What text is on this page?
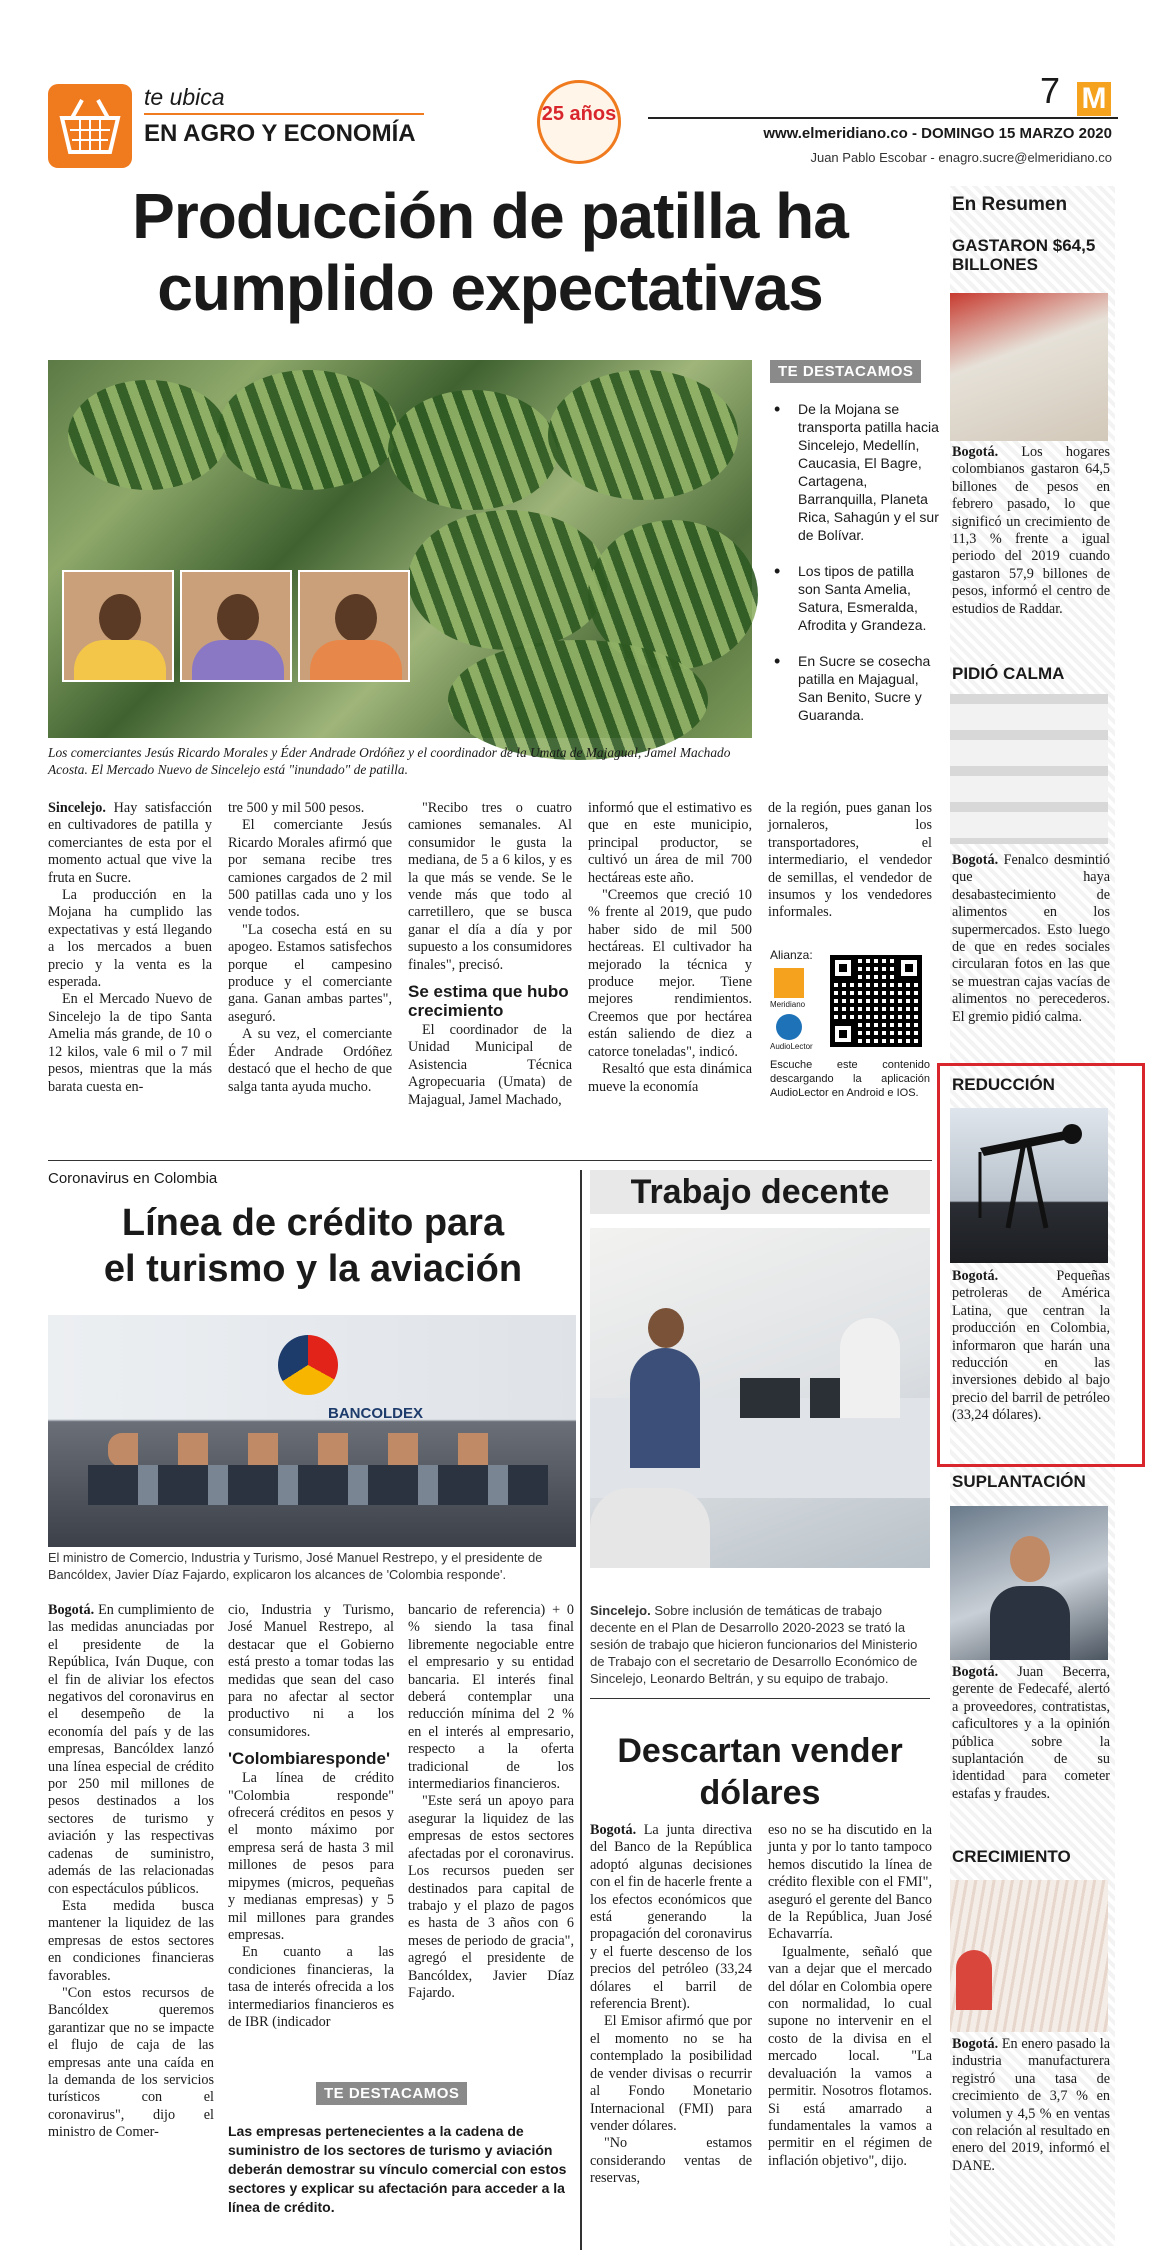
te ubica
EN AGRO Y ECONOMÍA
25 años
7 M
www.elmeridiano.co - DOMINGO 15 MARZO 2020
Juan Pablo Escobar - enagro.sucre@elmeridiano.co
Producción de patilla ha
cumplido expectativas
Los comerciantes Jesús Ricardo Morales y Éder Andrade Ordóñez y el coordinador de la Umata de Majagual, Jamel Machado Acosta. El Mercado Nuevo de Sincelejo está "inundado" de patilla.
TE DESTACAMOS
• De la Mojana se transporta patilla hacia Sincelejo, Medellín, Caucasia, El Bagre, Cartagena, Barranquilla, Planeta Rica, Sahagún y el sur de Bolívar.
• Los tipos de patilla son Santa Amelia, Satura, Esmeralda, Afrodita y Grandeza.
• En Sucre se cosecha patilla en Majagual, San Benito, Sucre y Guaranda.

Sincelejo. Hay satisfacción en cultivadores de patilla y comerciantes de esta por el momento actual que vive la fruta en Sucre.

La producción en la Mojana ha cumplido las expectativas y está llegando a los mercados a buen precio y la venta es la esperada.

En el Mercado Nuevo de Sincelejo la de tipo Santa Amelia más grande, de 10 o 12 kilos, vale 6 mil o 7 mil pesos, mientras que la más barata cuesta en-

tre 500 y mil 500 pesos.

El comerciante Jesús Ricardo Morales afirmó que por semana recibe tres camiones cargados de 2 mil 500 patillas cada uno y los vende todos.

"La cosecha está en su apogeo. Estamos satisfechos porque el campesino produce y el comerciante gana. Ganan ambas partes", aseguró.

A su vez, el comerciante Éder Andrade Ordóñez destacó que el hecho de que salga tanta ayuda mucho.

"Recibo tres o cuatro camiones semanales. Al consumidor le gusta la mediana, de 5 a 6 kilos, y es la que más se vende. Se le vende más que todo al carretillero, que se busca ganar el día a día y por supuesto a los consumidores finales", precisó.

Se estima que hubo crecimiento

El coordinador de la Unidad Municipal de Asistencia Técnica Agropecuaria (Umata) de Majagual, Jamel Machado,

informó que el estimativo es que en este municipio, principal productor, se cultivó un área de mil 700 hectáreas este año.

"Creemos que creció 10 % frente al 2019, que pudo haber sido de mil 500 hectáreas. El cultivador ha mejorado la técnica y produce mejor. Tiene mejores rendimientos. Creemos que por hectárea están saliendo de diez a catorce toneladas", indicó.

Resaltó que esta dinámica mueve la economía

de la región, pues ganan los jornaleros, los transportadores, el intermediario, el vendedor de semillas, el vendedor de insumos y los vendedores informales.

Alianza:
Meridiano
AudioLector
Escuche este contenido descargando la aplicación AudioLector en Android e IOS.
En Resumen
GASTARON $64,5 BILLONES
Bogotá. Los hogares colombianos gastaron 64,5 billones de pesos en febrero pasado, lo que significó un crecimiento de 11,3 % frente a igual periodo del 2019 cuando gastaron 57,9 billones de pesos, informó el centro de estudios de Raddar.
PIDIÓ CALMA
Bogotá. Fenalco desmintió que haya desabastecimiento de alimentos en los supermercados. Esto luego de que en redes sociales circularan fotos en las que se muestran cajas vacías de alimentos no perecederos. El gremio pidió calma.
REDUCCIÓN
Bogotá. Pequeñas petroleras de América Latina, que centran la producción en Colombia, informaron que harán una reducción en las inversiones debido al bajo precio del barril de petróleo (33,24 dólares).
SUPLANTACIÓN
Bogotá. Juan Becerra, gerente de Fedecafé, alertó a proveedores, contratistas, caficultores y a la opinión pública sobre la suplantación de su identidad para cometer estafas y fraudes.
CRECIMIENTO
Bogotá. En enero pasado la industria manufacturera registró una tasa de crecimiento de 3,7 % en volumen y 4,5 % en ventas con relación al resultado en enero del 2019, informó el DANE.
Coronavirus en Colombia
Línea de crédito para
el turismo y la aviación
BANCOLDEX
El ministro de Comercio, Industria y Turismo, José Manuel Restrepo, y el presidente de Bancóldex, Javier Díaz Fajardo, explicaron los alcances de 'Colombia responde'.

Bogotá. En cumplimiento de las medidas anunciadas por el presidente de la República, Iván Duque, con el fin de aliviar los efectos negativos del coronavirus en el desempeño de la economía del país y de las empresas, Bancóldex lanzó una línea especial de crédito por 250 mil millones de pesos destinados a los sectores de turismo y aviación y las respectivas cadenas de suministro, además de las relacionadas con espectáculos públicos.

Esta medida busca mantener la liquidez de las empresas de estos sectores en condiciones financieras favorables.

"Con estos recursos de Bancóldex queremos garantizar que no se impacte el flujo de caja de las empresas ante una caída en la demanda de los servicios turísticos con el coronavirus", dijo el ministro de Comer-

cio, Industria y Turismo, José Manuel Restrepo, al destacar que el Gobierno está presto a tomar todas las medidas que sean del caso para no afectar al sector productivo ni a los consumidores.

'Colombiaresponde'

La línea de crédito "Colombia responde" ofrecerá créditos en pesos y el monto máximo por empresa será de hasta 3 mil millones de pesos para mipymes (micros, pequeñas y medianas empresas) y 5 mil millones para grandes empresas.

En cuanto a las condiciones financieras, la tasa de interés ofrecida a los intermediarios financieros es de IBR (indicador

bancario de referencia) + 0 % siendo la tasa final libremente negociable entre el empresario y su entidad bancaria. El interés final deberá contemplar una reducción mínima del 2 % en el interés al empresario, respecto a la oferta tradicional de los intermediarios financieros.

"Este será un apoyo para asegurar la liquidez de las empresas de estos sectores afectadas por el coronavirus. Los recursos pueden ser destinados para capital de trabajo y el plazo de pagos es hasta de 3 años con 6 meses de periodo de gracia", agregó el presidente de Bancóldex, Javier Díaz Fajardo.

TE DESTACAMOS
Las empresas pertenecientes a la cadena de suministro de los sectores de turismo y aviación deberán demostrar su vínculo comercial con estos sectores y explicar su afectación para acceder a la línea de crédito.
Trabajo decente
Sincelejo. Sobre inclusión de temáticas de trabajo decente en el Plan de Desarrollo 2020-2023 se trató la sesión de trabajo que hicieron funcionarios del Ministerio de Trabajo con el secretario de Desarrollo Económico de Sincelejo, Leonardo Beltrán, y su equipo de trabajo.
Descartan vender
dólares

Bogotá. La junta directiva del Banco de la República adoptó algunas decisiones con el fin de hacerle frente a los efectos económicos que está generando la propagación del coronavirus y el fuerte descenso de los precios del petróleo (33,24 dólares el barril de referencia Brent).

El Emisor afirmó que por el momento no se ha contemplado la posibilidad de vender divisas o recurrir al Fondo Monetario Internacional (FMI) para vender dólares.

"No estamos considerando ventas de reservas,

eso no se ha discutido en la junta y por lo tanto tampoco hemos discutido la línea de crédito flexible con el FMI", aseguró el gerente del Banco de la República, Juan José Echavarría.

Igualmente, señaló que van a dejar que el mercado del dólar en Colombia opere con normalidad, lo cual supone no intervenir en el costo de la divisa en el mercado local. "La devaluación la vamos a permitir. Nosotros flotamos. Si está amarrado a fundamentales la vamos a permitir en el régimen de inflación objetivo", dijo.
